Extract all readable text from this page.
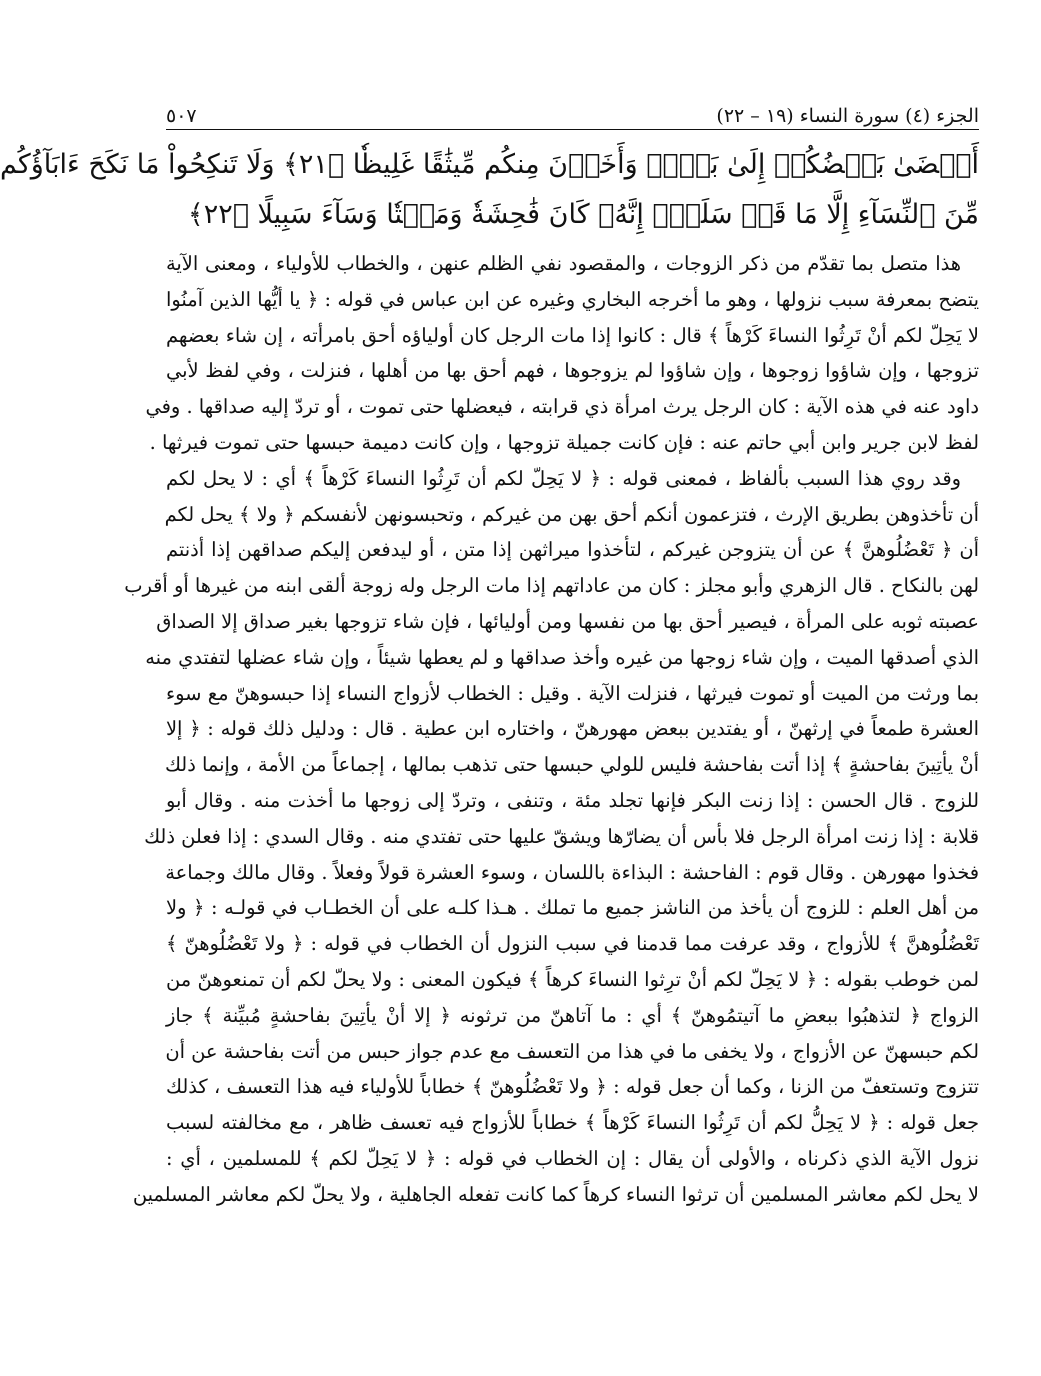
الجزء (٤) سورة النساء (١٩ – ٢٢)
٥٠٧
أَفۡضَىٰ بَعۡضُكُمۡ إِلَىٰ بَعۡضٖ وَأَخَذۡنَ مِنكُم مِّيثَٰقًا غَلِيظٗا ﴿٢١﴾ وَلَا تَنكِحُواْ مَا نَكَحَ ءَابَآؤُكُم
مِّنَ ٱلنِّسَآءِ إِلَّا مَا قَدۡ سَلَفَۚ إِنَّهُۥ كَانَ فَٰحِشَةٗ وَمَقۡتٗا وَسَآءَ سَبِيلًا ﴿٢٢﴾
هذا متصل بما تقدّم من ذكر الزوجات ، والمقصود نفي الظلم عنهن ، والخطاب للأولياء ، ومعنى الآية
يتضح بمعرفة سبب نزولها ، وهو ما أخرجه البخاري وغيره عن ابن عباس في قوله : ﴿ يا أيُّها الذين آمنُوا
لا يَحِلّ لكم أنْ تَرِثُوا النساءَ كَرْهاً ﴾ قال : كانوا إذا مات الرجل كان أولياؤه أحق بامرأته ، إن شاء بعضهم
تزوجها ، وإن شاؤوا زوجوها ، وإن شاؤوا لم يزوجوها ، فهم أحق بها من أهلها ، فنزلت ، وفي لفظ لأبي
داود عنه في هذه الآية : كان الرجل يرث امرأة ذي قرابته ، فيعضلها حتى تموت ، أو تردّ إليه صداقها . وفي
لفظ لابن جرير وابن أبي حاتم عنه : فإن كانت جميلة تزوجها ، وإن كانت دميمة حبسها حتى تموت فيرثها .
وقد روي هذا السبب بألفاظ ، فمعنى قوله : ﴿ لا يَحِلّ لكم أن تَرِثُوا النساءَ كَرْهاً ﴾ أي : لا يحل لكم
أن تأخذوهن بطريق الإرث ، فتزعمون أنكم أحق بهن من غيركم ، وتحبسونهن لأنفسكم ﴿ ولا ﴾ يحل لكم
أن ﴿ تَعْضُلُوهنَّ ﴾ عن أن يتزوجن غيركم ، لتأخذوا ميراثهن إذا متن ، أو ليدفعن إليكم صداقهن إذا أذنتم
لهن بالنكاح . قال الزهري وأبو مجلز : كان من عاداتهم إذا مات الرجل وله زوجة ألقى ابنه من غيرها أو أقرب
عصبته ثوبه على المرأة ، فيصير أحق بها من نفسها ومن أوليائها ، فإن شاء تزوجها بغير صداق إلا الصداق
الذي أصدقها الميت ، وإن شاء زوجها من غيره وأخذ صداقها و لم يعطها شيئاً ، وإن شاء عضلها لتفتدي منه
بما ورثت من الميت أو تموت فيرثها ، فنزلت الآية . وقيل : الخطاب لأزواج النساء إذا حبسوهنّ مع سوء
العشرة طمعاً في إرثهنّ ، أو يفتدين ببعض مهورهنّ ، واختاره ابن عطية . قال : ودليل ذلك قوله : ﴿ إلا
أنْ يأتِينَ بفاحشةٍ ﴾ إذا أتت بفاحشة فليس للولي حبسها حتى تذهب بمالها ، إجماعاً من الأمة ، وإنما ذلك
للزوج . قال الحسن : إذا زنت البكر فإنها تجلد مئة ، وتنفى ، وتردّ إلى زوجها ما أخذت منه . وقال أبو
قلابة : إذا زنت امرأة الرجل فلا بأس أن يضارّها ويشقّ عليها حتى تفتدي منه . وقال السدي : إذا فعلن ذلك
فخذوا مهورهن . وقال قوم : الفاحشة : البذاءة باللسان ، وسوء العشرة قولاً وفعلاً . وقال مالك وجماعة
من أهل العلم : للزوج أن يأخذ من الناشز جميع ما تملك . هـذا كلـه على أن الخطـاب في قولـه : ﴿ ولا
تَعْضُلُوهنَّ ﴾ للأزواج ، وقد عرفت مما قدمنا في سبب النزول أن الخطاب في قوله : ﴿ ولا تَعْضُلُوهنّ ﴾
لمن خوطب بقوله : ﴿ لا يَحِلّ لكم أنْ ترِثوا النساءَ كرهاً ﴾ فيكون المعنى : ولا يحلّ لكم أن تمنعوهنّ من
الزواج ﴿ لتذهبُوا ببعضِ ما آتيتمُوهنّ ﴾ أي : ما آتاهنّ من ترثونه ﴿ إلا أنْ يأتِينَ بفاحشةٍ مُبيِّنة ﴾ جاز
لكم حبسهنّ عن الأزواج ، ولا يخفى ما في هذا من التعسف مع عدم جواز حبس من أتت بفاحشة عن أن
تتزوج وتستعفّ من الزنا ، وكما أن جعل قوله : ﴿ ولا تَعْضُلُوهنّ ﴾ خطاباً للأولياء فيه هذا التعسف ، كذلك
جعل قوله : ﴿ لا يَحِلُّ لكم أن تَرِثُوا النساءَ كَرْهاً ﴾ خطاباً للأزواج فيه تعسف ظاهر ، مع مخالفته لسبب
نزول الآية الذي ذكرناه ، والأولى أن يقال : إن الخطاب في قوله : ﴿ لا يَحِلّ لكم ﴾ للمسلمين ، أي :
لا يحل لكم معاشر المسلمين أن ترثوا النساء كرهاً كما كانت تفعله الجاهلية ، ولا يحلّ لكم معاشر المسلمين
